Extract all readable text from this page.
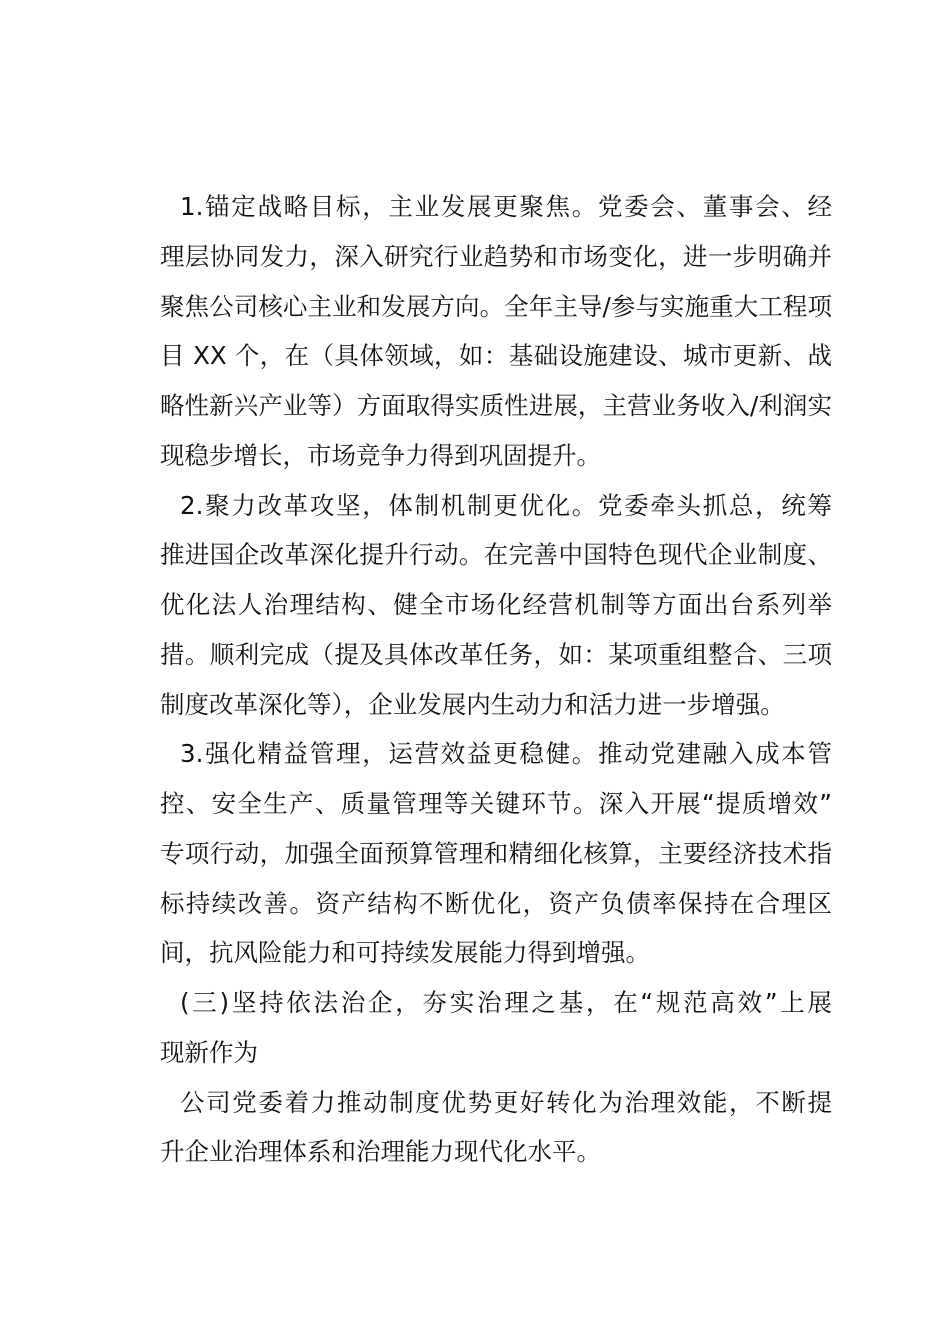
1.锚定战略目标，主业发展更聚焦。党委会、董事会、经
理层协同发力，深入研究行业趋势和市场变化，进一步明确并
聚焦公司核心主业和发展方向。全年主导/参与实施重大工程项
目 XX 个，在（具体领域，如：基础设施建设、城市更新、战
略性新兴产业等）方面取得实质性进展，主营业务收入/利润实
现稳步增长，市场竞争力得到巩固提升。
2.聚力改革攻坚，体制机制更优化。党委牵头抓总，统筹
推进国企改革深化提升行动。在完善中国特色现代企业制度、
优化法人治理结构、健全市场化经营机制等方面出台系列举
措。顺利完成（提及具体改革任务，如：某项重组整合、三项
制度改革深化等），企业发展内生动力和活力进一步增强。
3.强化精益管理，运营效益更稳健。推动党建融入成本管
控、安全生产、质量管理等关键环节。深入开展“提质增效”
专项行动，加强全面预算管理和精细化核算，主要经济技术指
标持续改善。资产结构不断优化，资产负债率保持在合理区
间，抗风险能力和可持续发展能力得到增强。
(三)坚持依法治企，夯实治理之基，在“规范高效”上展
现新作为
公司党委着力推动制度优势更好转化为治理效能，不断提
升企业治理体系和治理能力现代化水平。
